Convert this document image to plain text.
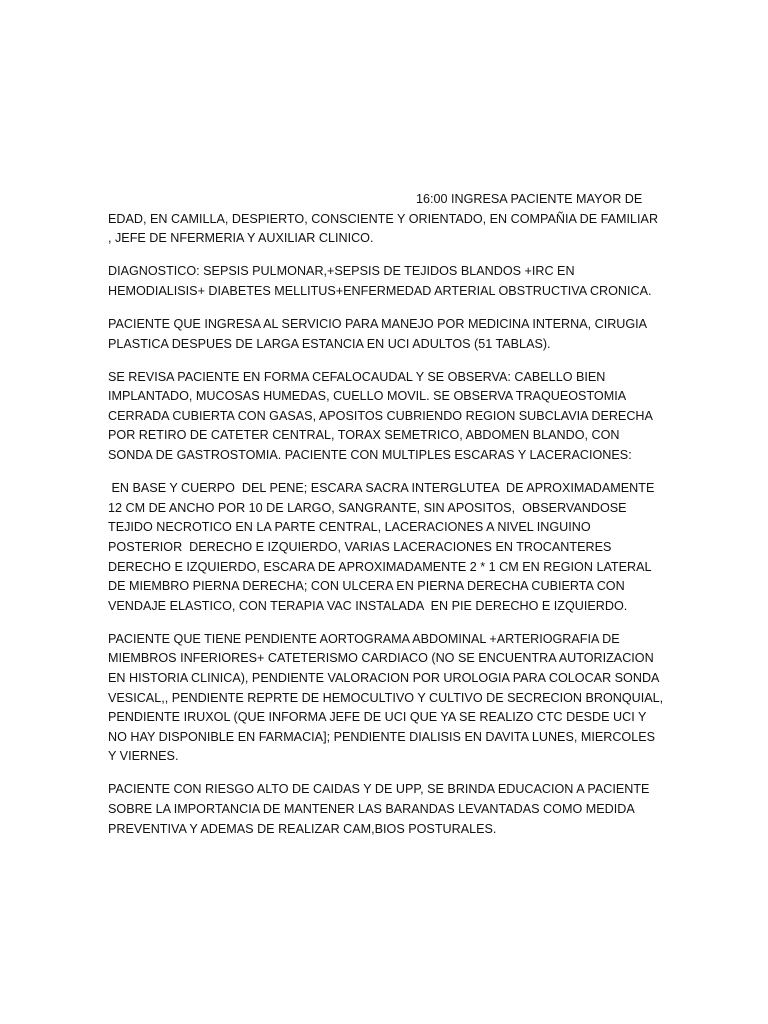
16:00 INGRESA PACIENTE MAYOR DE
EDAD, EN CAMILLA, DESPIERTO, CONSCIENTE Y ORIENTADO, EN COMPAÑIA DE FAMILIAR , JEFE DE NFERMERIA Y AUXILIAR CLINICO.

DIAGNOSTICO: SEPSIS PULMONAR,+SEPSIS DE TEJIDOS BLANDOS +IRC EN HEMODIALISIS+ DIABETES MELLITUS+ENFERMEDAD ARTERIAL OBSTRUCTIVA CRONICA.

PACIENTE QUE INGRESA AL SERVICIO PARA MANEJO POR MEDICINA INTERNA, CIRUGIA PLASTICA DESPUES DE LARGA ESTANCIA EN UCI ADULTOS (51 TABLAS).

SE REVISA PACIENTE EN FORMA CEFALOCAUDAL Y SE OBSERVA: CABELLO BIEN IMPLANTADO, MUCOSAS HUMEDAS, CUELLO MOVIL. SE OBSERVA TRAQUEOSTOMIA CERRADA CUBIERTA CON GASAS, APOSITOS CUBRIENDO REGION SUBCLAVIA DERECHA POR RETIRO DE CATETER CENTRAL, TORAX SEMETRICO, ABDOMEN BLANDO, CON SONDA DE GASTROSTOMIA. PACIENTE CON MULTIPLES ESCARAS Y LACERACIONES:

EN BASE Y CUERPO  DEL PENE; ESCARA SACRA INTERGLUTEA  DE APROXIMADAMENTE 12 CM DE ANCHO POR 10 DE LARGO, SANGRANTE, SIN APOSITOS,  OBSERVANDOSE TEJIDO NECROTICO EN LA PARTE CENTRAL, LACERACIONES A NIVEL INGUINO POSTERIOR  DERECHO E IZQUIERDO, VARIAS LACERACIONES EN TROCANTERES DERECHO E IZQUIERDO, ESCARA DE APROXIMADAMENTE 2 * 1 CM EN REGION LATERAL DE MIEMBRO PIERNA DERECHA; CON ULCERA EN PIERNA DERECHA CUBIERTA CON VENDAJE ELASTICO, CON TERAPIA VAC INSTALADA  EN PIE DERECHO E IZQUIERDO.

PACIENTE QUE TIENE PENDIENTE AORTOGRAMA ABDOMINAL +ARTERIOGRAFIA DE MIEMBROS INFERIORES+ CATETERISMO CARDIACO (NO SE ENCUENTRA AUTORIZACION EN HISTORIA CLINICA), PENDIENTE VALORACION POR UROLOGIA PARA COLOCAR SONDA VESICAL,, PENDIENTE REPRTE DE HEMOCULTIVO Y CULTIVO DE SECRECION BRONQUIAL, PENDIENTE IRUXOL (QUE INFORMA JEFE DE UCI QUE YA SE REALIZO CTC DESDE UCI Y NO HAY DISPONIBLE EN FARMACIA]; PENDIENTE DIALISIS EN DAVITA LUNES, MIERCOLES Y VIERNES.

PACIENTE CON RIESGO ALTO DE CAIDAS Y DE UPP, SE BRINDA EDUCACION A PACIENTE SOBRE LA IMPORTANCIA DE MANTENER LAS BARANDAS LEVANTADAS COMO MEDIDA PREVENTIVA Y ADEMAS DE REALIZAR CAM,BIOS POSTURALES.
